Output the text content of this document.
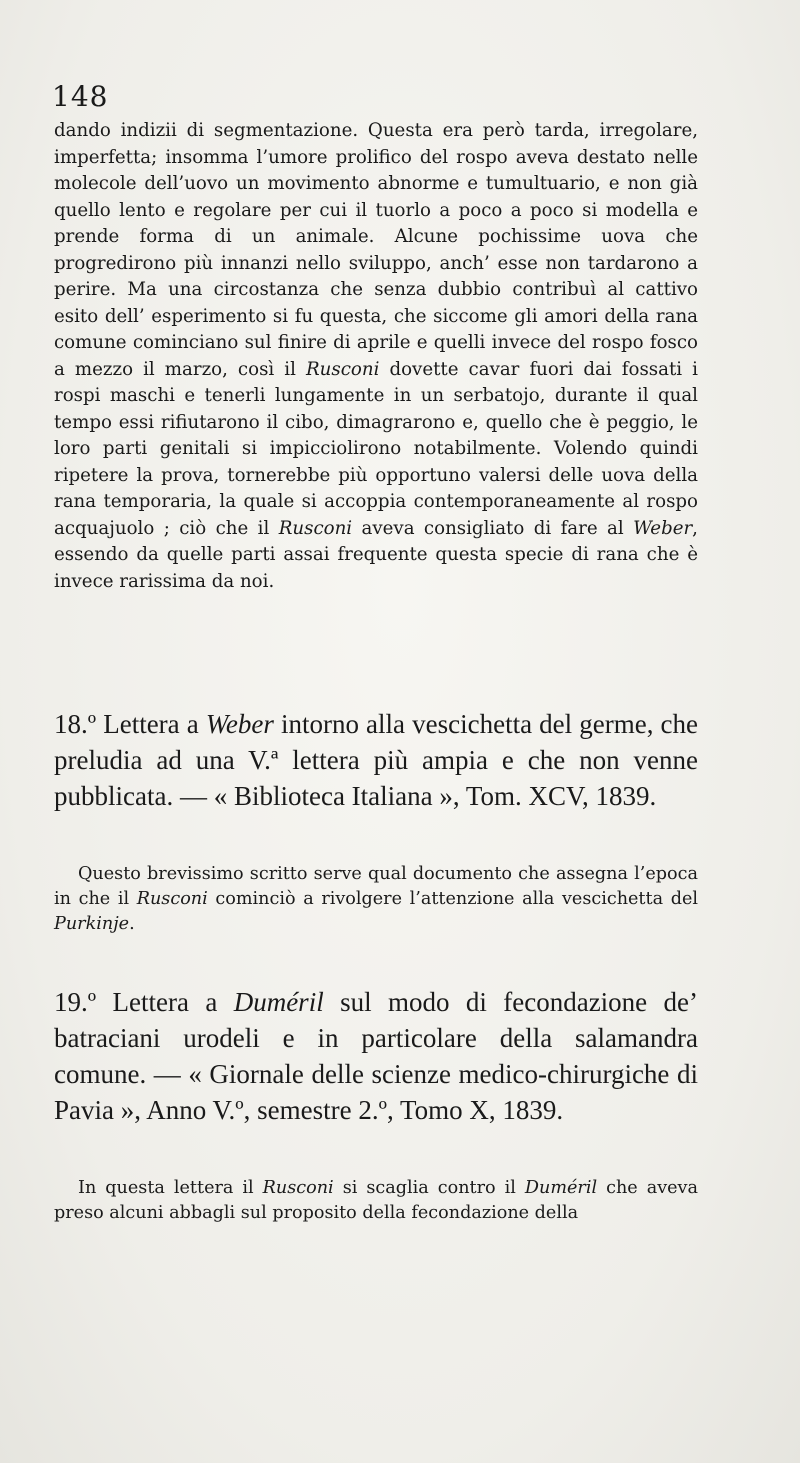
148

dando indizii di segmentazione. Questa era però tarda, irregolare, imperfetta; insomma l’umore prolifico del rospo aveva destato nelle molecole dell’uovo un movimento abnorme e tumultuario, e non già quello lento e regolare per cui il tuorlo a poco a poco si modella e prende forma di un animale. Alcune pochissime uova che progredirono più innanzi nello sviluppo, anch’ esse non tardarono a perire. Ma una circostanza che senza dubbio contribuì al cattivo esito dell’ esperimento si fu questa, che siccome gli amori della rana comune cominciano sul finire di aprile e quelli invece del rospo fosco a mezzo il marzo, così il Rusconi dovette cavar fuori dai fossati i rospi maschi e tenerli lungamente in un serbatojo, durante il qual tempo essi rifiutarono il cibo, dimagrarono e, quello che è peggio, le loro parti genitali si impicciolirono notabilmente. Volendo quindi ripetere la prova, tornerebbe più opportuno valersi delle uova della rana temporaria, la quale si accoppia contemporaneamente al rospo acquajuolo ; ciò che il Rusconi aveva consigliato di fare al Weber, essendo da quelle parti assai frequente questa specie di rana che è invece rarissima da noi.

18.º Lettera a Weber intorno alla vescichetta del germe, che preludia ad una V.ª lettera più ampia e che non venne pubblicata. — « Biblioteca Italiana », Tom. XCV, 1839.

Questo brevissimo scritto serve qual documento che assegna l’epoca in che il Rusconi cominciò a rivolgere l’attenzione alla vescichetta del Purkinje.

19.º Lettera a Duméril sul modo di fecondazione de’ batraciani urodeli e in particolare della salamandra comune. — « Giornale delle scienze medico-chirurgiche di Pavia », Anno V.º, semestre 2.º, Tomo X, 1839.

In questa lettera il Rusconi si scaglia contro il Duméril che aveva preso alcuni abbagli sul proposito della fecondazione della
